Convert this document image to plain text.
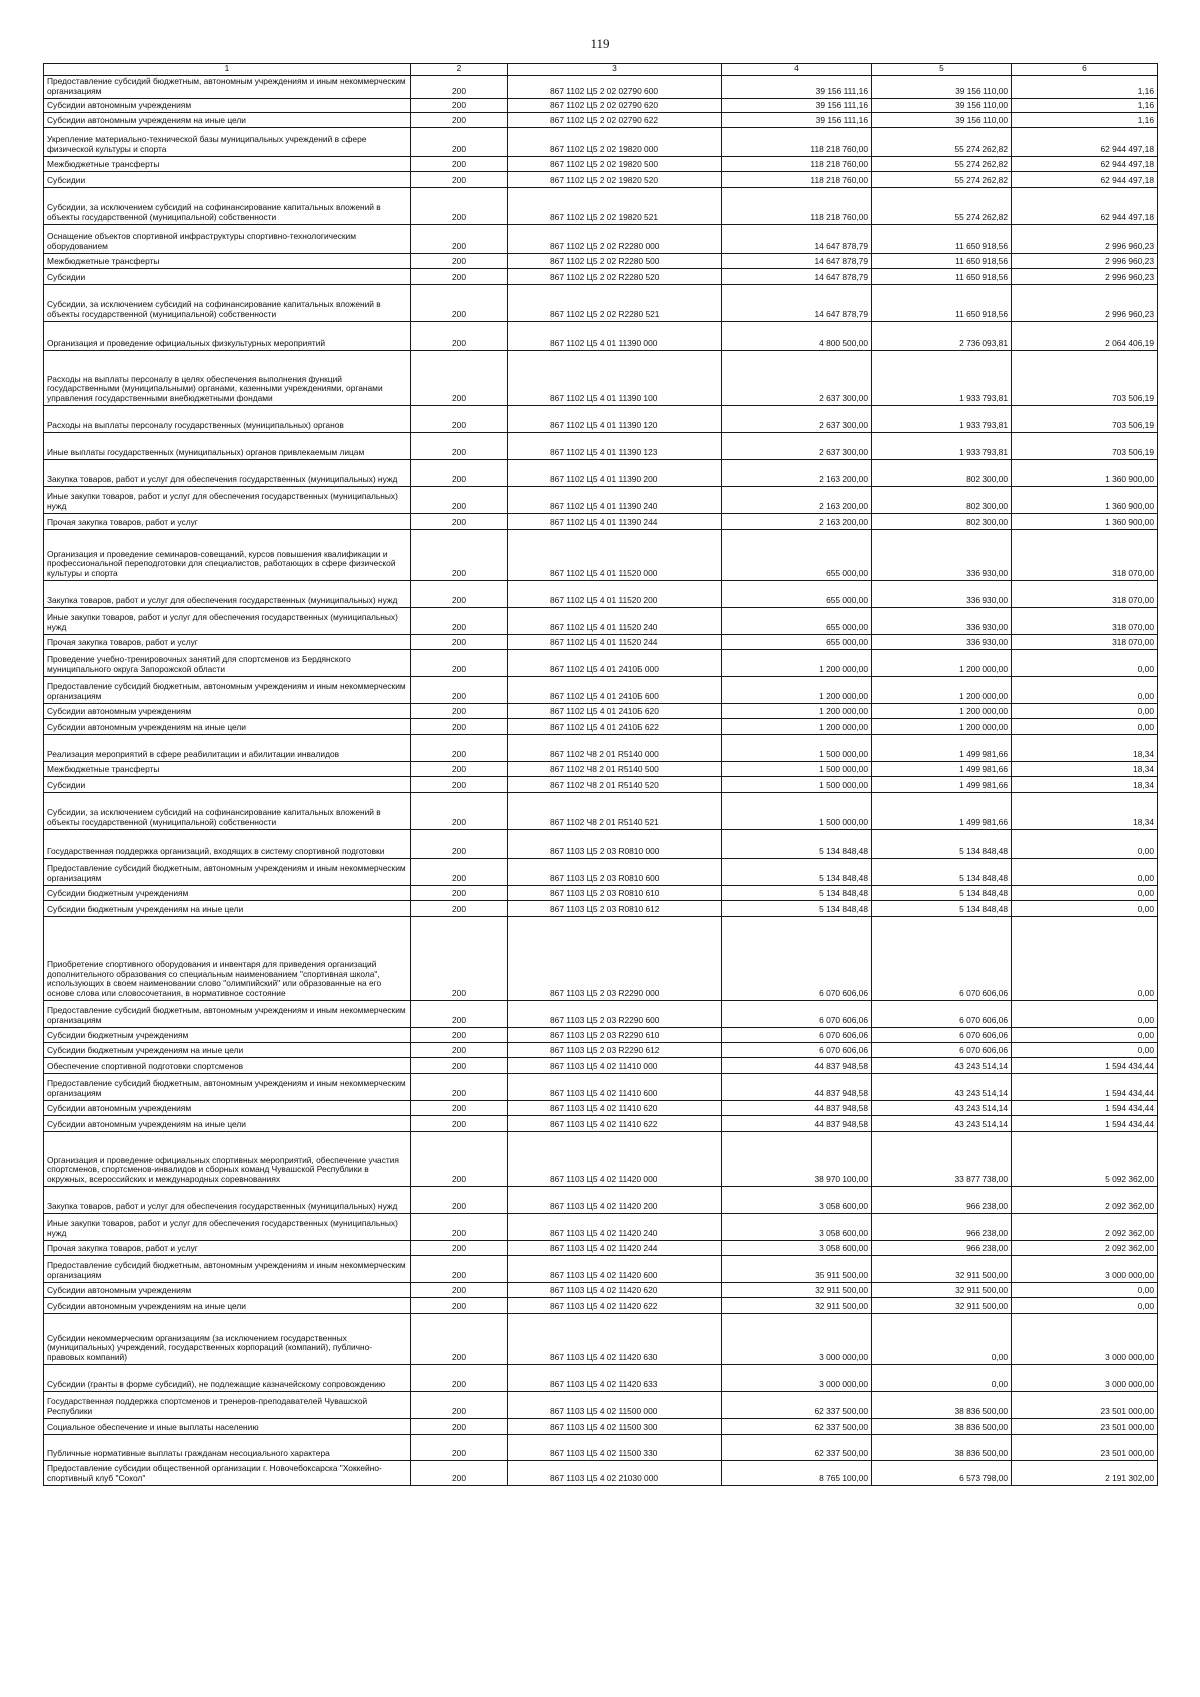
119
1	2	3	4	5	6
Предоставление субсидий бюджетным, автономным учреждениям и иным некоммерческим организациям	200	867 1102 Ц5 2 02 02790 600	39 156 111,16	39 156 110,00	1,16
Субсидии автономным учреждениям	200	867 1102 Ц5 2 02 02790 620	39 156 111,16	39 156 110,00	1,16
Субсидии автономным учреждениям на иные цели	200	867 1102 Ц5 2 02 02790 622	39 156 111,16	39 156 110,00	1,16
Укрепление материально-технической базы муниципальных учреждений в сфере физической культуры и спорта	200	867 1102 Ц5 2 02 19820 000	118 218 760,00	55 274 262,82	62 944 497,18
Межбюджетные трансферты	200	867 1102 Ц5 2 02 19820 500	118 218 760,00	55 274 262,82	62 944 497,18
Субсидии	200	867 1102 Ц5 2 02 19820 520	118 218 760,00	55 274 262,82	62 944 497,18
Субсидии, за исключением субсидий на софинансирование капитальных вложений в объекты государственной (муниципальной) собственности	200	867 1102 Ц5 2 02 19820 521	118 218 760,00	55 274 262,82	62 944 497,18
Оснащение объектов спортивной инфраструктуры спортивно-технологическим оборудованием	200	867 1102 Ц5 2 02 R2280 000	14 647 878,79	11 650 918,56	2 996 960,23
Межбюджетные трансферты	200	867 1102 Ц5 2 02 R2280 500	14 647 878,79	11 650 918,56	2 996 960,23
Субсидии	200	867 1102 Ц5 2 02 R2280 520	14 647 878,79	11 650 918,56	2 996 960,23
Субсидии, за исключением субсидий на софинансирование капитальных вложений в объекты государственной (муниципальной) собственности	200	867 1102 Ц5 2 02 R2280 521	14 647 878,79	11 650 918,56	2 996 960,23
Организация и проведение официальных физкультурных мероприятий	200	867 1102 Ц5 4 01 11390 000	4 800 500,00	2 736 093,81	2 064 406,19
Расходы на выплаты персоналу в целях обеспечения выполнения функций государственными (муниципальными) органами, казенными учреждениями, органами управления государственными внебюджетными фондами	200	867 1102 Ц5 4 01 11390 100	2 637 300,00	1 933 793,81	703 506,19
Расходы на выплаты персоналу государственных (муниципальных) органов	200	867 1102 Ц5 4 01 11390 120	2 637 300,00	1 933 793,81	703 506,19
Иные выплаты государственных (муниципальных) органов привлекаемым лицам	200	867 1102 Ц5 4 01 11390 123	2 637 300,00	1 933 793,81	703 506,19
Закупка товаров, работ и услуг для обеспечения государственных (муниципальных) нужд	200	867 1102 Ц5 4 01 11390 200	2 163 200,00	802 300,00	1 360 900,00
Иные закупки товаров, работ и услуг для обеспечения государственных (муниципальных) нужд	200	867 1102 Ц5 4 01 11390 240	2 163 200,00	802 300,00	1 360 900,00
Прочая закупка товаров, работ и услуг	200	867 1102 Ц5 4 01 11390 244	2 163 200,00	802 300,00	1 360 900,00
Организация и проведение семинаров-совещаний, курсов повышения квалификации и профессиональной переподготовки для специалистов, работающих в сфере физической культуры и спорта	200	867 1102 Ц5 4 01 11520 000	655 000,00	336 930,00	318 070,00
Закупка товаров, работ и услуг для обеспечения государственных (муниципальных) нужд	200	867 1102 Ц5 4 01 11520 200	655 000,00	336 930,00	318 070,00
Иные закупки товаров, работ и услуг для обеспечения государственных (муниципальных) нужд	200	867 1102 Ц5 4 01 11520 240	655 000,00	336 930,00	318 070,00
Прочая закупка товаров, работ и услуг	200	867 1102 Ц5 4 01 11520 244	655 000,00	336 930,00	318 070,00
Проведение учебно-тренировочных занятий для спортсменов из Бердянского муниципального округа Запорожской области	200	867 1102 Ц5 4 01 2410Б 000	1 200 000,00	1 200 000,00	0,00
Предоставление субсидий бюджетным, автономным учреждениям и иным некоммерческим организациям	200	867 1102 Ц5 4 01 2410Б 600	1 200 000,00	1 200 000,00	0,00
Субсидии автономным учреждениям	200	867 1102 Ц5 4 01 2410Б 620	1 200 000,00	1 200 000,00	0,00
Субсидии автономным учреждениям на иные цели	200	867 1102 Ц5 4 01 2410Б 622	1 200 000,00	1 200 000,00	0,00
Реализация мероприятий в сфере реабилитации и абилитации инвалидов	200	867 1102 Ч8 2 01 R5140 000	1 500 000,00	1 499 981,66	18,34
Межбюджетные трансферты	200	867 1102 Ч8 2 01 R5140 500	1 500 000,00	1 499 981,66	18,34
Субсидии	200	867 1102 Ч8 2 01 R5140 520	1 500 000,00	1 499 981,66	18,34
Субсидии, за исключением субсидий на софинансирование капитальных вложений в объекты государственной (муниципальной) собственности	200	867 1102 Ч8 2 01 R5140 521	1 500 000,00	1 499 981,66	18,34
Государственная поддержка организаций, входящих в систему спортивной подготовки	200	867 1103 Ц5 2 03 R0810 000	5 134 848,48	5 134 848,48	0,00
Предоставление субсидий бюджетным, автономным учреждениям и иным некоммерческим организациям	200	867 1103 Ц5 2 03 R0810 600	5 134 848,48	5 134 848,48	0,00
Субсидии бюджетным учреждениям	200	867 1103 Ц5 2 03 R0810 610	5 134 848,48	5 134 848,48	0,00
Субсидии бюджетным учреждениям на иные цели	200	867 1103 Ц5 2 03 R0810 612	5 134 848,48	5 134 848,48	0,00
Приобретение спортивного оборудования и инвентаря для приведения организаций дополнительного образования со специальным наименованием "спортивная школа", использующих в своем наименовании слово "олимпийский" или образованные на его основе слова или словосочетания, в нормативное состояние	200	867 1103 Ц5 2 03 R2290 000	6 070 606,06	6 070 606,06	0,00
Предоставление субсидий бюджетным, автономным учреждениям и иным некоммерческим организациям	200	867 1103 Ц5 2 03 R2290 600	6 070 606,06	6 070 606,06	0,00
Субсидии бюджетным учреждениям	200	867 1103 Ц5 2 03 R2290 610	6 070 606,06	6 070 606,06	0,00
Субсидии бюджетным учреждениям на иные цели	200	867 1103 Ц5 2 03 R2290 612	6 070 606,06	6 070 606,06	0,00
Обеспечение спортивной подготовки спортсменов	200	867 1103 Ц5 4 02 11410 000	44 837 948,58	43 243 514,14	1 594 434,44
Предоставление субсидий бюджетным, автономным учреждениям и иным некоммерческим организациям	200	867 1103 Ц5 4 02 11410 600	44 837 948,58	43 243 514,14	1 594 434,44
Субсидии автономным учреждениям	200	867 1103 Ц5 4 02 11410 620	44 837 948,58	43 243 514,14	1 594 434,44
Субсидии автономным учреждениям на иные цели	200	867 1103 Ц5 4 02 11410 622	44 837 948,58	43 243 514,14	1 594 434,44
Организация и проведение официальных спортивных мероприятий, обеспечение участия спортсменов, спортсменов-инвалидов и сборных команд Чувашской Республики в окружных, всероссийских и международных соревнованиях	200	867 1103 Ц5 4 02 11420 000	38 970 100,00	33 877 738,00	5 092 362,00
Закупка товаров, работ и услуг для обеспечения государственных (муниципальных) нужд	200	867 1103 Ц5 4 02 11420 200	3 058 600,00	966 238,00	2 092 362,00
Иные закупки товаров, работ и услуг для обеспечения государственных (муниципальных) нужд	200	867 1103 Ц5 4 02 11420 240	3 058 600,00	966 238,00	2 092 362,00
Прочая закупка товаров, работ и услуг	200	867 1103 Ц5 4 02 11420 244	3 058 600,00	966 238,00	2 092 362,00
Предоставление субсидий бюджетным, автономным учреждениям и иным некоммерческим организациям	200	867 1103 Ц5 4 02 11420 600	35 911 500,00	32 911 500,00	3 000 000,00
Субсидии автономным учреждениям	200	867 1103 Ц5 4 02 11420 620	32 911 500,00	32 911 500,00	0,00
Субсидии автономным учреждениям на иные цели	200	867 1103 Ц5 4 02 11420 622	32 911 500,00	32 911 500,00	0,00
Субсидии некоммерческим организациям (за исключением государственных (муниципальных) учреждений, государственных корпораций (компаний), публично-правовых компаний)	200	867 1103 Ц5 4 02 11420 630	3 000 000,00	0,00	3 000 000,00
Субсидии (гранты в форме субсидий), не подлежащие казначейскому сопровождению	200	867 1103 Ц5 4 02 11420 633	3 000 000,00	0,00	3 000 000,00
Государственная поддержка спортсменов и тренеров-преподавателей Чувашской Республики	200	867 1103 Ц5 4 02 11500 000	62 337 500,00	38 836 500,00	23 501 000,00
Социальное обеспечение и иные выплаты населению	200	867 1103 Ц5 4 02 11500 300	62 337 500,00	38 836 500,00	23 501 000,00
Публичные нормативные выплаты гражданам несоциального характера	200	867 1103 Ц5 4 02 11500 330	62 337 500,00	38 836 500,00	23 501 000,00
Предоставление субсидии общественной организации г. Новочебоксарска "Хоккейно-спортивный клуб "Сокол"	200	867 1103 Ц5 4 02 21030 000	8 765 100,00	6 573 798,00	2 191 302,00
